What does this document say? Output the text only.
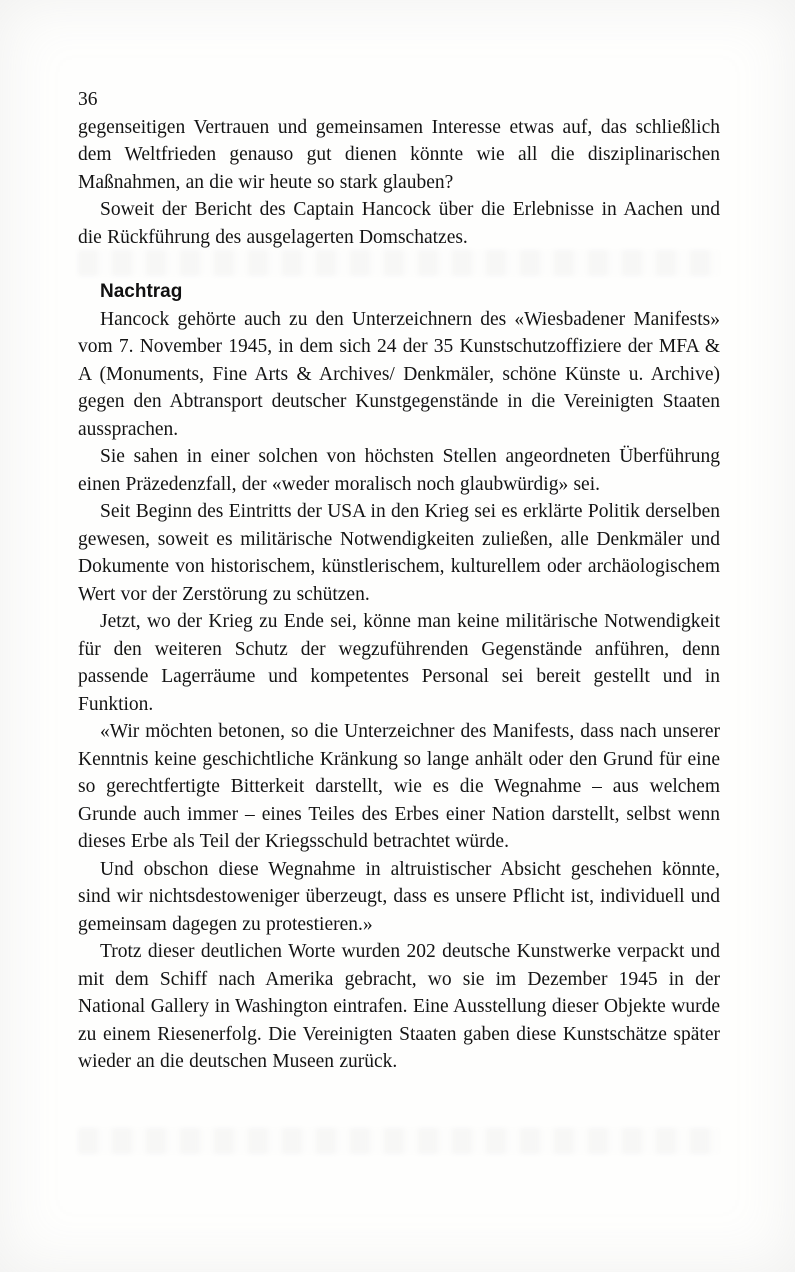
36

gegenseitigen Vertrauen und gemeinsamen Interesse etwas auf, das schließlich dem Weltfrieden genauso gut dienen könnte wie all die disziplinarischen Maßnahmen, an die wir heute so stark glauben?

Soweit der Bericht des Captain Hancock über die Erlebnisse in Aachen und die Rückführung des ausgelagerten Domschatzes.

Nachtrag

Hancock gehörte auch zu den Unterzeichnern des «Wiesbadener Manifests» vom 7. November 1945, in dem sich 24 der 35 Kunstschutzoffiziere der MFA & A (Monuments, Fine Arts & Archives/ Denkmäler, schöne Künste u. Archive) gegen den Abtransport deutscher Kunstgegenstände in die Vereinigten Staaten aussprachen.

Sie sahen in einer solchen von höchsten Stellen angeordneten Überführung einen Präzedenzfall, der «weder moralisch noch glaubwürdig» sei.

Seit Beginn des Eintritts der USA in den Krieg sei es erklärte Politik derselben gewesen, soweit es militärische Notwendigkeiten zuließen, alle Denkmäler und Dokumente von historischem, künstlerischem, kulturellem oder archäologischem Wert vor der Zerstörung zu schützen.

Jetzt, wo der Krieg zu Ende sei, könne man keine militärische Notwendigkeit für den weiteren Schutz der wegzuführenden Gegenstände anführen, denn passende Lagerräume und kompetentes Personal sei bereit gestellt und in Funktion.

«Wir möchten betonen, so die Unterzeichner des Manifests, dass nach unserer Kenntnis keine geschichtliche Kränkung so lange anhält oder den Grund für eine so gerechtfertigte Bitterkeit darstellt, wie es die Wegnahme – aus welchem Grunde auch immer – eines Teiles des Erbes einer Nation darstellt, selbst wenn dieses Erbe als Teil der Kriegsschuld betrachtet würde.

Und obschon diese Wegnahme in altruistischer Absicht geschehen könnte, sind wir nichtsdestoweniger überzeugt, dass es unsere Pflicht ist, individuell und gemeinsam dagegen zu protestieren.»

Trotz dieser deutlichen Worte wurden 202 deutsche Kunstwerke verpackt und mit dem Schiff nach Amerika gebracht, wo sie im Dezember 1945 in der National Gallery in Washington eintrafen. Eine Ausstellung dieser Objekte wurde zu einem Riesenerfolg. Die Vereinigten Staaten gaben diese Kunstschätze später wieder an die deutschen Museen zurück.
